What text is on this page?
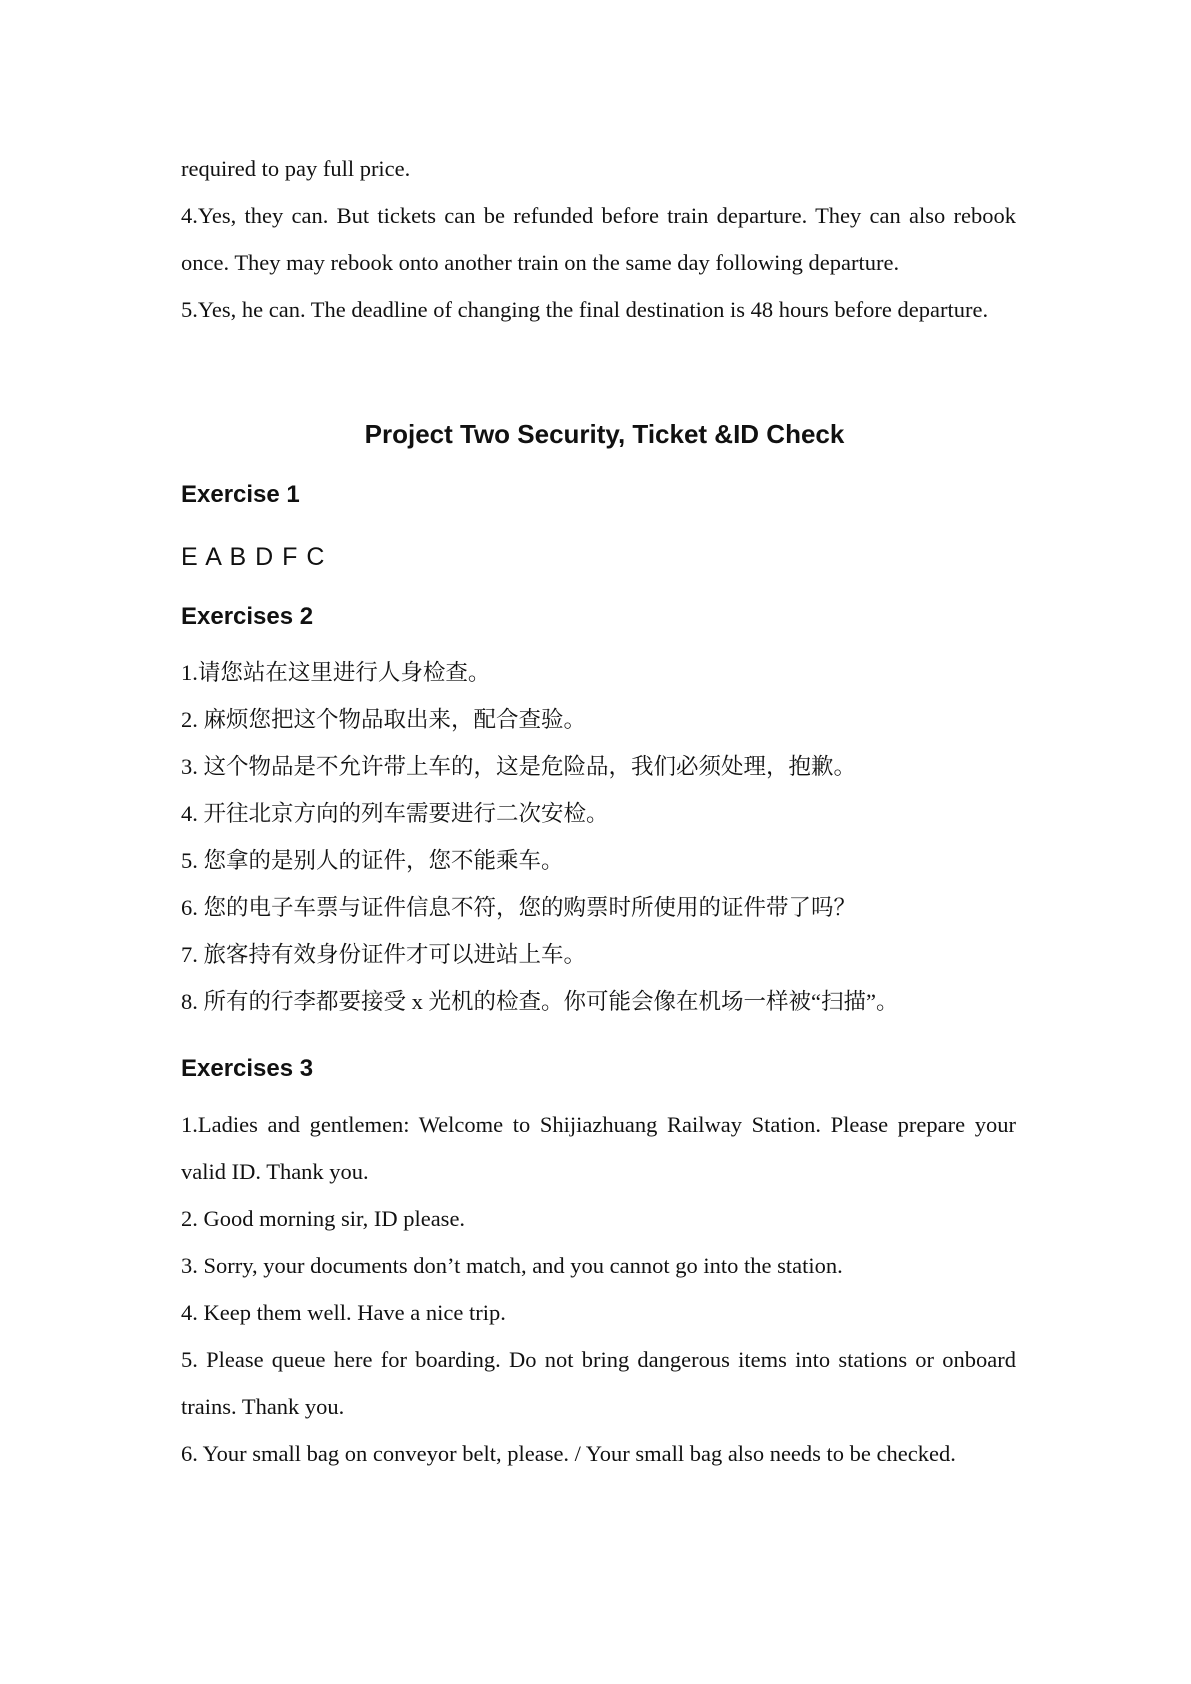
required to pay full price.

4.Yes, they can. But tickets can be refunded before train departure. They can also rebook once. They may rebook onto another train on the same day following departure.

5.Yes, he can. The deadline of changing the final destination is 48 hours before departure.

Project Two Security, Ticket &ID Check
Exercise 1

E A B D F C

Exercises 2

1.请您站在这里进行人身检查。

2. 麻烦您把这个物品取出来，配合查验。

3. 这个物品是不允许带上车的，这是危险品，我们必须处理，抱歉。

4. 开往北京方向的列车需要进行二次安检。

5. 您拿的是别人的证件，您不能乘车。

6. 您的电子车票与证件信息不符，您的购票时所使用的证件带了吗？

7. 旅客持有效身份证件才可以进站上车。

8. 所有的行李都要接受 x 光机的检查。你可能会像在机场一样被“扫描”。

Exercises 3

1.Ladies and gentlemen: Welcome to Shijiazhuang Railway Station. Please prepare your valid ID. Thank you.

2. Good morning sir, ID please.

3. Sorry, your documents don’t match, and you cannot go into the station.

4. Keep them well. Have a nice trip.

5. Please queue here for boarding. Do not bring dangerous items into stations or onboard trains. Thank you.

6. Your small bag on conveyor belt, please. / Your small bag also needs to be checked.
